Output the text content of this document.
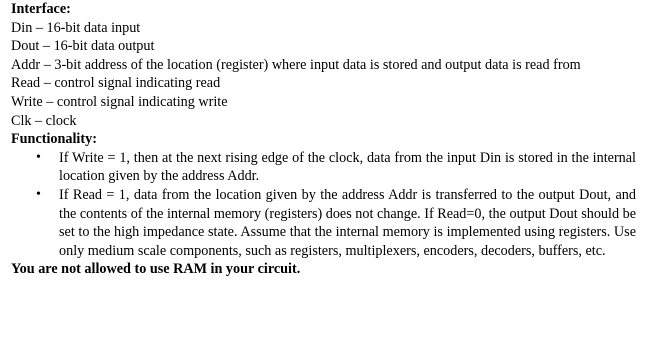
Interface:
Din – 16-bit data input
Dout – 16-bit data output
Addr – 3-bit address of the location (register) where input data is stored and output data is read from
Read – control signal indicating read
Write – control signal indicating write
Clk – clock
Functionality:
• If Write = 1, then at the next rising edge of the clock, data from the input Din is stored in the internal location given by the address Addr.
• If Read = 1, data from the location given by the address Addr is transferred to the output Dout, and the contents of the internal memory (registers) does not change. If Read=0, the output Dout should be set to the high impedance state. Assume that the internal memory is implemented using registers. Use only medium scale components, such as registers, multiplexers, encoders, decoders, buffers, etc.
You are not allowed to use RAM in your circuit.
